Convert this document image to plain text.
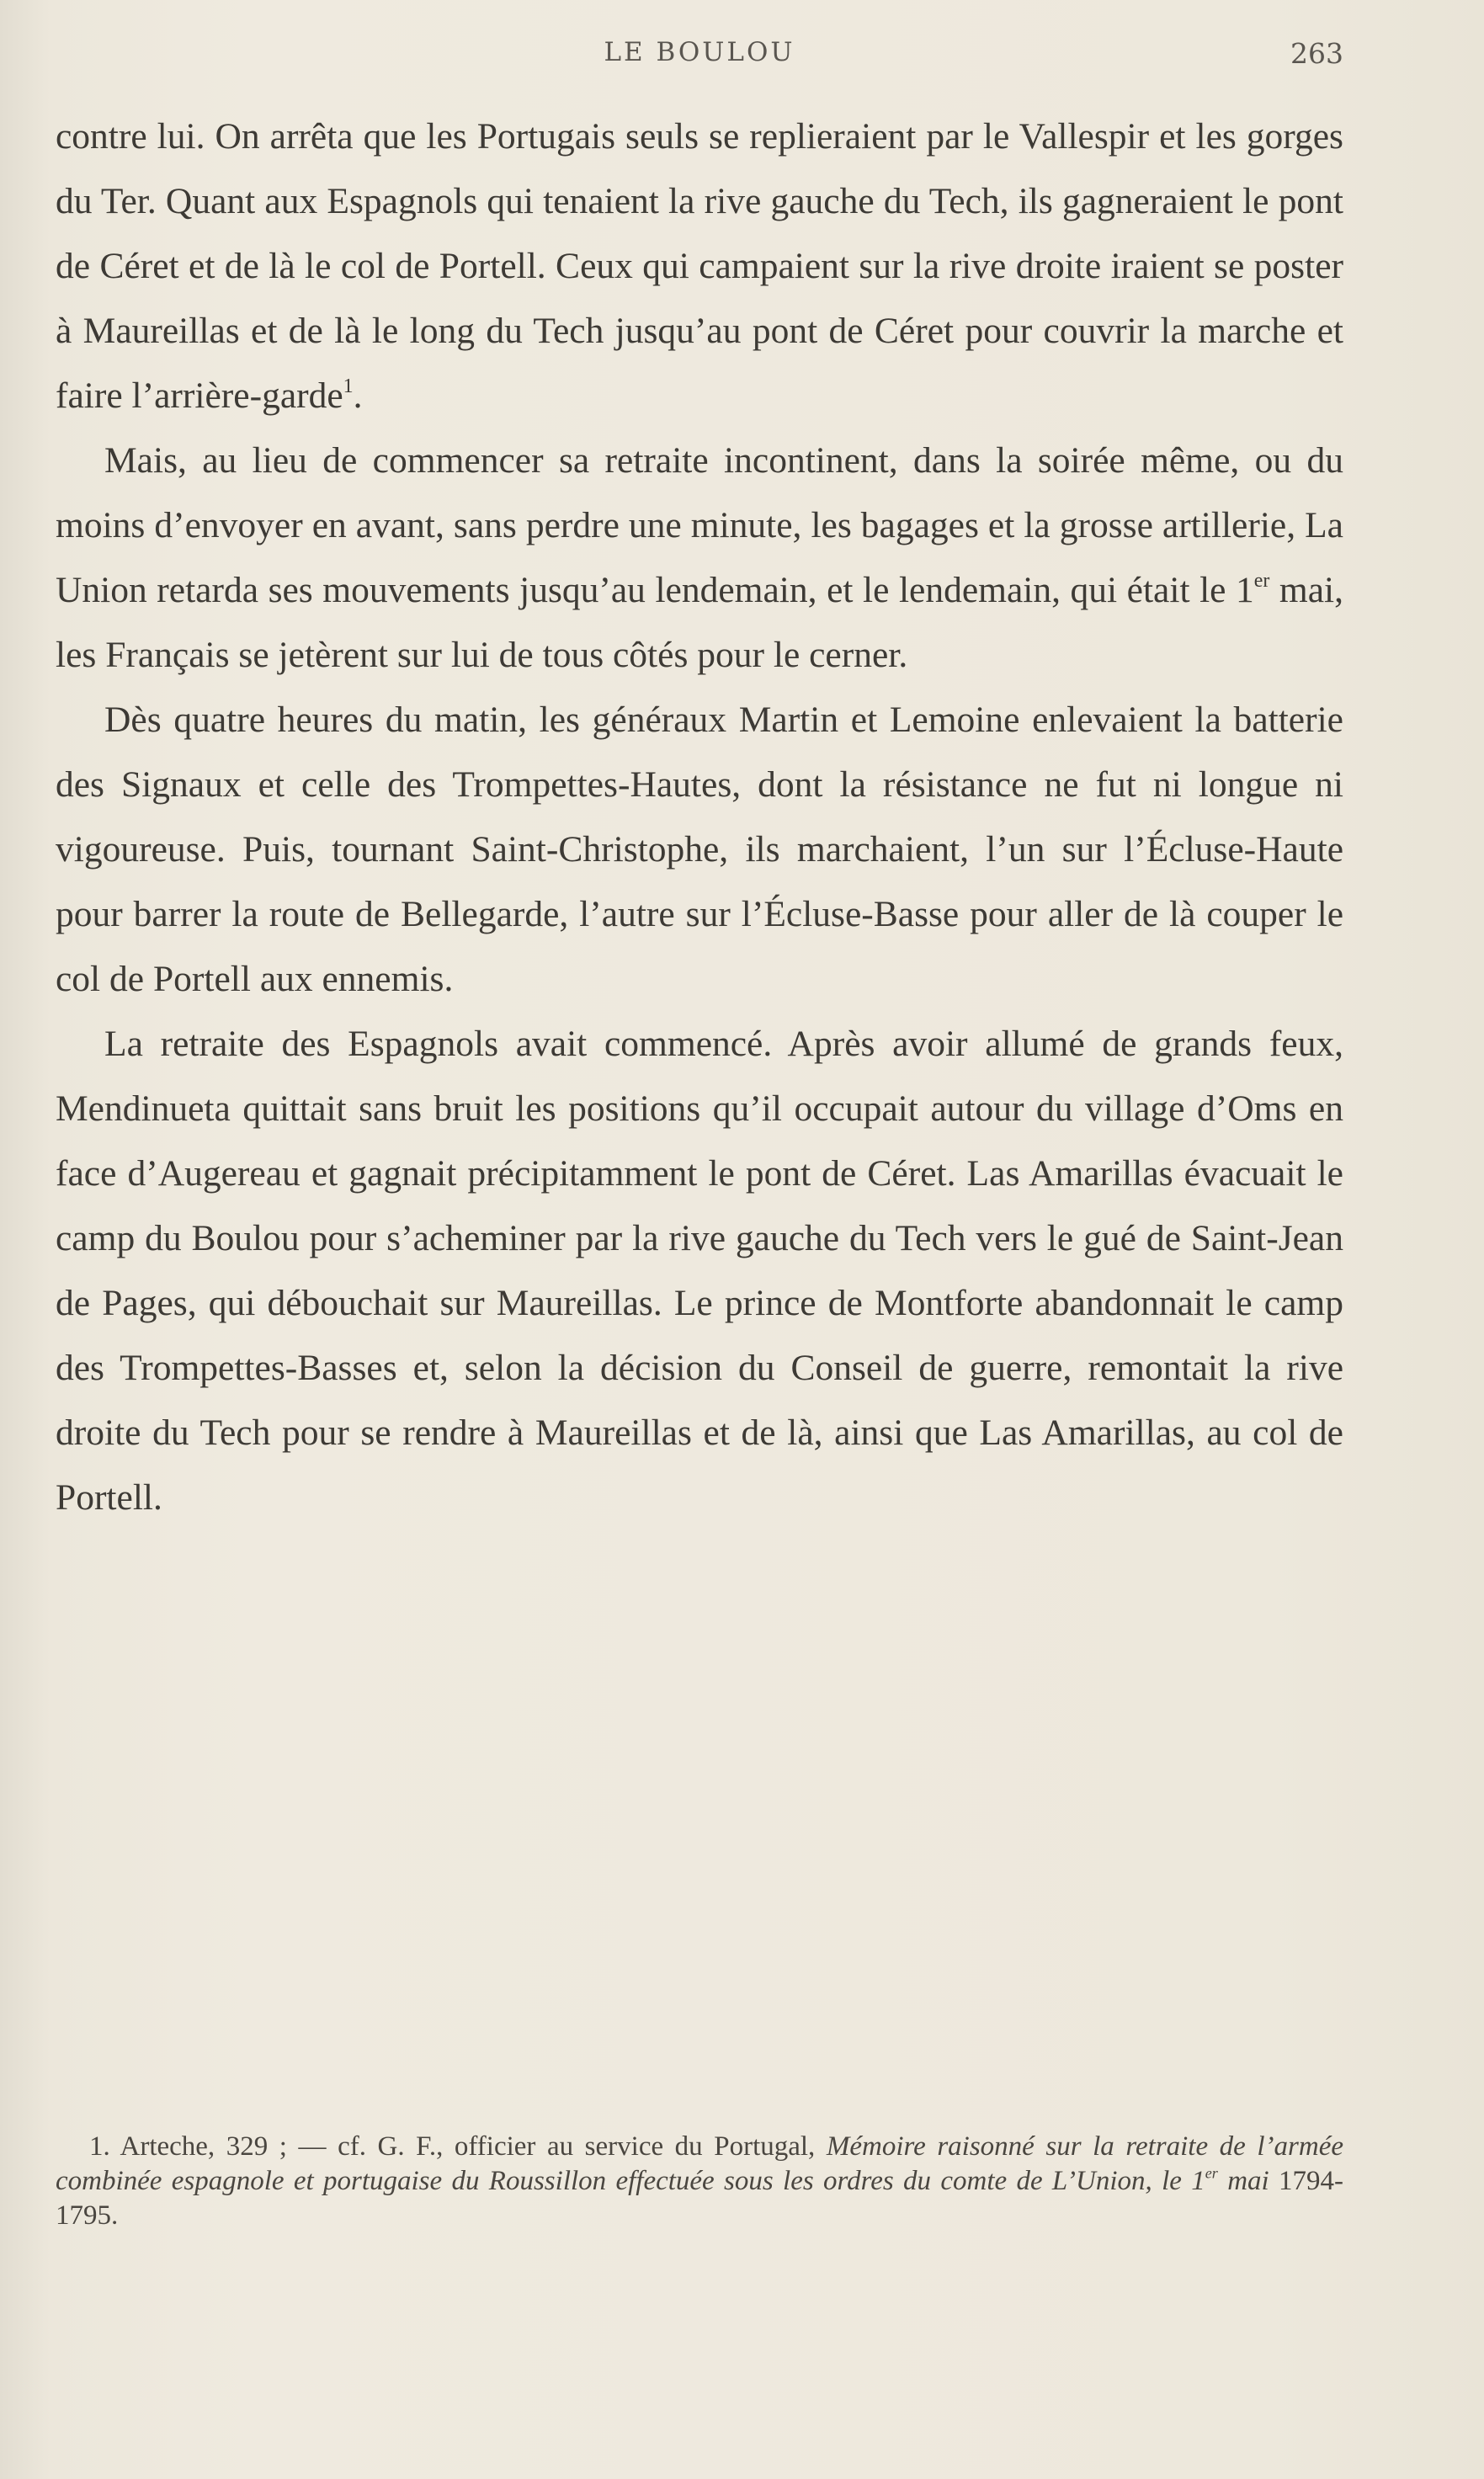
LE BOULOU	263

contre lui. On arrêta que les Portugais seuls se replieraient par le Vallespir et les gorges du Ter. Quant aux Espagnols qui tenaient la rive gauche du Tech, ils gagneraient le pont de Céret et de là le col de Portell. Ceux qui campaient sur la rive droite iraient se poster à Maureillas et de là le long du Tech jusqu’au pont de Céret pour couvrir la marche et faire l’arrière-garde$^1$.

Mais, au lieu de commencer sa retraite incontinent, dans la soirée même, ou du moins d’envoyer en avant, sans perdre une minute, les bagages et la grosse artillerie, La Union retarda ses mouvements jusqu’au lendemain, et le lendemain, qui était le 1er mai, les Français se jetèrent sur lui de tous côtés pour le cerner.

Dès quatre heures du matin, les généraux Martin et Lemoine enlevaient la batterie des Signaux et celle des Trompettes-Hautes, dont la résistance ne fut ni longue ni vigoureuse. Puis, tournant Saint-Christophe, ils marchaient, l’un sur l’Écluse-Haute pour barrer la route de Bellegarde, l’autre sur l’Écluse-Basse pour aller de là couper le col de Portell aux ennemis.

La retraite des Espagnols avait commencé. Après avoir allumé de grands feux, Mendinueta quittait sans bruit les positions qu’il occupait autour du village d’Oms en face d’Augereau et gagnait précipitamment le pont de Céret. Las Amarillas évacuait le camp du Boulou pour s’acheminer par la rive gauche du Tech vers le gué de Saint-Jean de Pages, qui débouchait sur Maureillas. Le prince de Montforte abandonnait le camp des Trompettes-Basses et, selon la décision du Conseil de guerre, remontait la rive droite du Tech pour se rendre à Maureillas et de là, ainsi que Las Amarillas, au col de Portell.

1. Arteche, 329 ; — cf. G. F., officier au service du Portugal, Mémoire raisonné sur la retraite de l’armée combinée espagnole et portugaise du Roussillon effectuée sous les ordres du comte de L’Union, le 1er mai 1794-1795.
